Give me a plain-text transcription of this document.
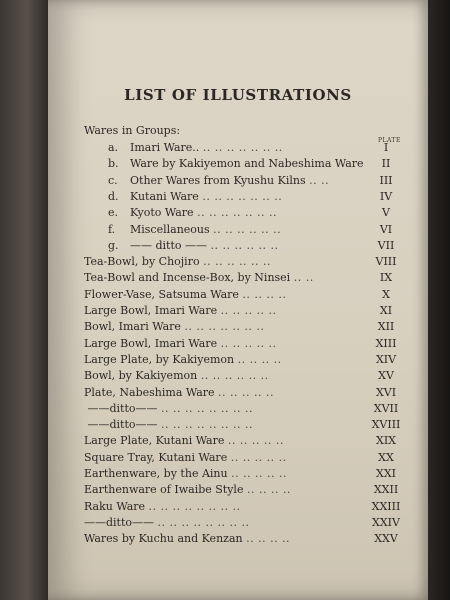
LIST OF ILLUSTRATIONS
PLATE
Wares in Groups:
a. Imari Ware.. .. .. .. .. .. .. ..	I
b. Ware by Kakiyemon and Nabeshima Ware	II
c. Other Wares from Kyushu Kilns .. ..	III
d. Kutani Ware .. .. .. .. .. .. ..	IV
e. Kyoto Ware .. .. .. .. .. .. ..	V
f. Miscellaneous .. .. .. .. .. ..	VI
g. —— ditto —— .. .. .. .. .. ..	VII
Tea-Bowl, by Chojiro .. .. .. .. .. ..	VIII
Tea-Bowl and Incense-Box, by Ninsei .. ..	IX
Flower-Vase, Satsuma Ware .. .. .. ..	X
Large Bowl, Imari Ware .. .. .. .. ..	XI
Bowl, Imari Ware .. .. .. .. .. .. ..	XII
Large Bowl, Imari Ware .. .. .. .. ..	XIII
Large Plate, by Kakiyemon .. .. .. ..	XIV
Bowl, by Kakiyemon .. .. .. .. .. ..	XV
Plate, Nabeshima Ware .. .. .. .. ..	XVI
——ditto—— .. .. .. .. .. .. .. ..	XVII
——ditto—— .. .. .. .. .. .. .. ..	XVIII
Large Plate, Kutani Ware .. .. .. .. ..	XIX
Square Tray, Kutani Ware .. .. .. .. ..	XX
Earthenware, by the Ainu .. .. .. .. ..	XXI
Earthenware of Iwaibe Style .. .. .. ..	XXII
Raku Ware .. .. .. .. .. .. .. ..	XXIII
——ditto—— .. .. .. .. .. .. .. ..	XXIV
Wares by Kuchu and Kenzan .. .. .. ..	XXV
